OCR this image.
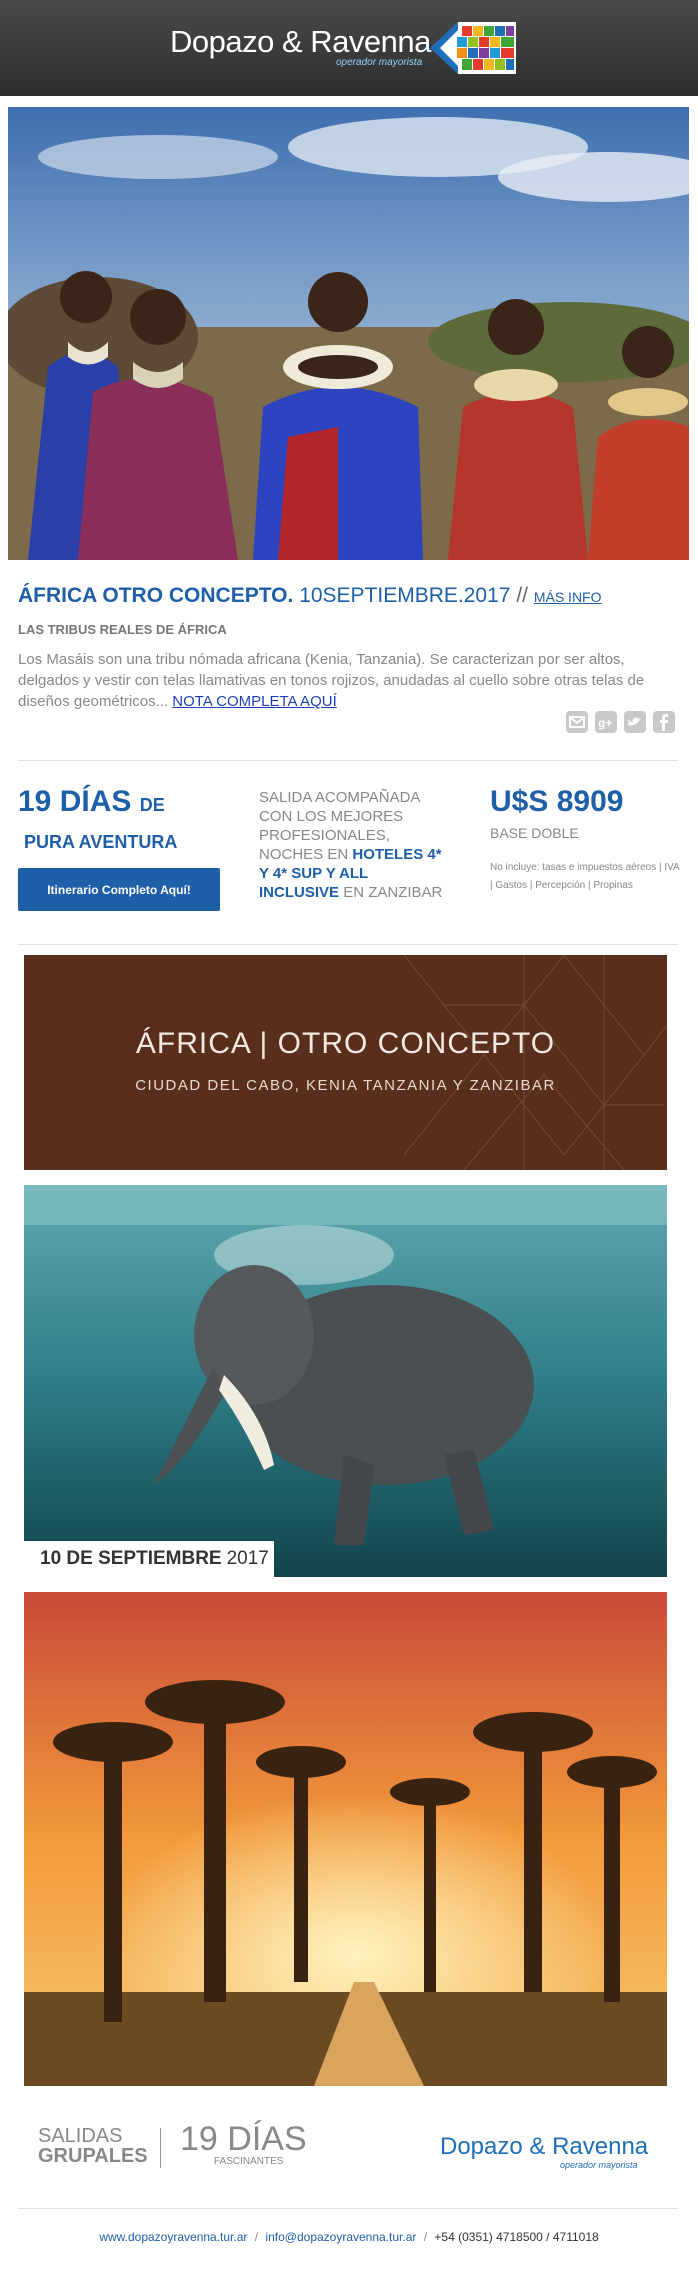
Dopazo & Ravenna
operador mayorista
ÁFRICA OTRO CONCEPTO. 10SEPTIEMBRE.2017 // MÁS INFO
LAS TRIBUS REALES DE ÁFRICA
Los Masáis son una tribu nómada africana (Kenia, Tanzania). Se caracterizan por ser altos, delgados y vestir con telas llamativas en tonos rojizos, anudadas al cuello sobre otras telas de diseños geométricos... NOTA COMPLETA AQUÍ
g+
19 DÍAS DE
PURA AVENTURA
Itinerario Completo Aquí!
SALIDA ACOMPAÑADA CON LOS MEJORES PROFESIONALES, NOCHES EN HOTELES 4* Y 4* SUP Y ALL INCLUSIVE EN ZANZIBAR
U$S 8909
BASE DOBLE
No incluye: tasas e impuestos aéreos | IVA | Gastos | Percepción | Propinas
ÁFRICA | OTRO CONCEPTO
CIUDAD DEL CABO, KENIA TANZANIA Y ZANZIBAR
10 DE SEPTIEMBRE 2017
SALIDAS
GRUPALES 19 DÍAS
FASCINANTES
Dopazo & Ravenna
operador mayorista
www.dopazoyravenna.tur.ar / info@dopazoyravenna.tur.ar / +54 (0351) 4718500 / 4711018
